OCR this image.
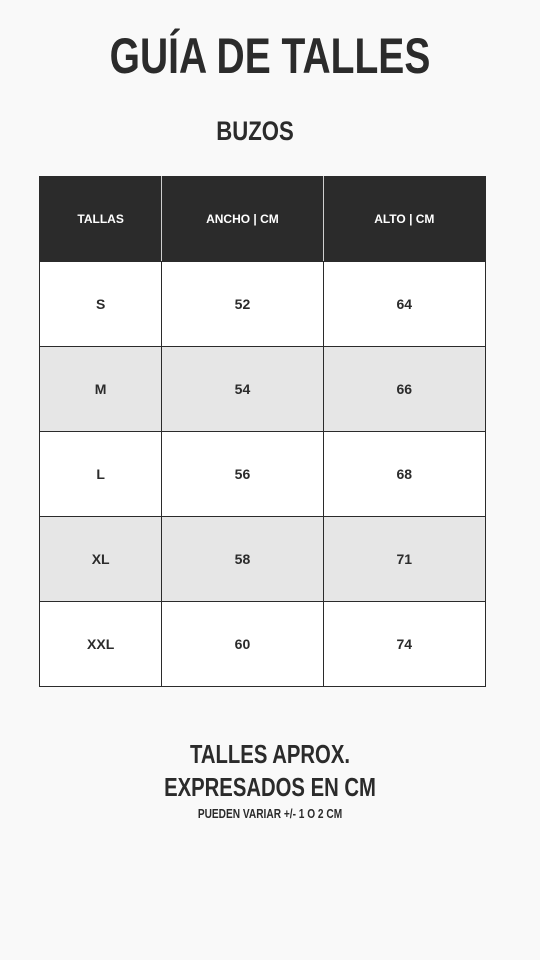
GUÍA DE TALLES
BUZOS
TALLAS	ANCHO | CM	ALTO | CM
S	52	64
M	54	66
L	56	68
XL	58	71
XXL	60	74

TALLES APROX.

EXPRESADOS EN CM

PUEDEN VARIAR +/- 1 O 2 CM
